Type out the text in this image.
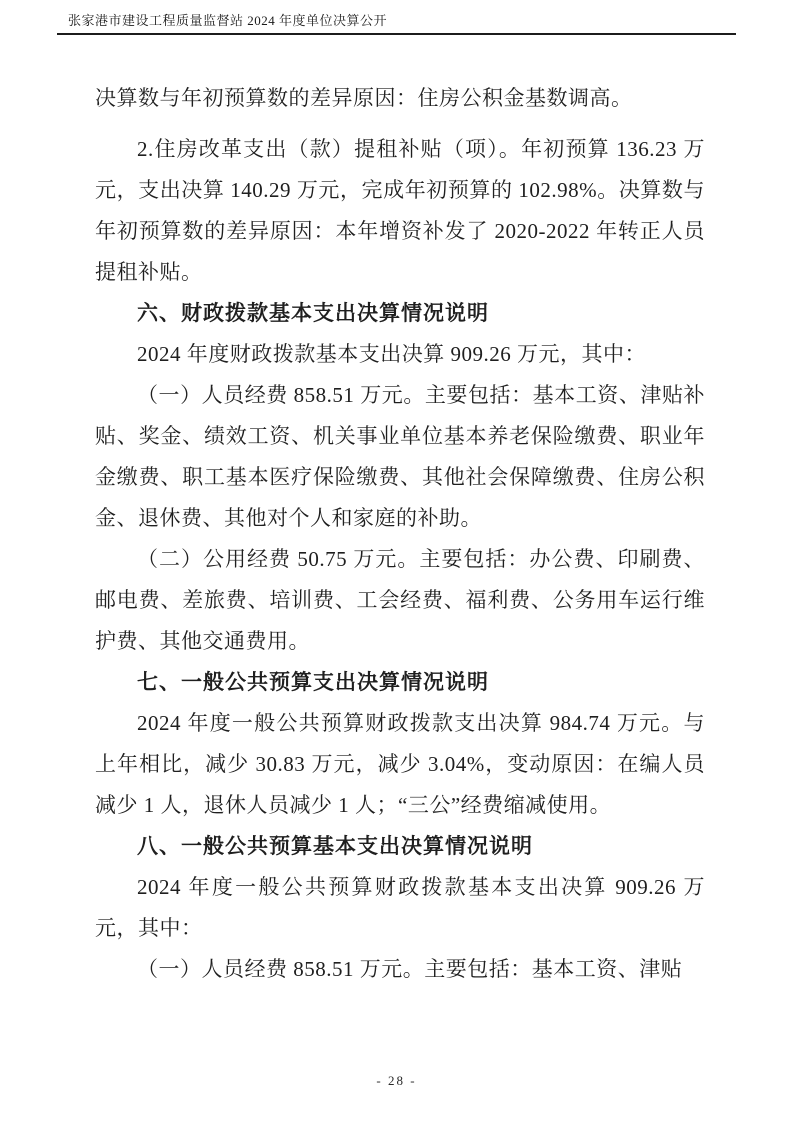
张家港市建设工程质量监督站 2024 年度单位决算公开

决算数与年初预算数的差异原因：住房公积金基数调高。

2.住房改革支出（款）提租补贴（项）。年初预算 136.23 万元，支出决算 140.29 万元，完成年初预算的 102.98%。决算数与年初预算数的差异原因：本年增资补发了 2020-2022 年转正人员提租补贴。

六、财政拨款基本支出决算情况说明

2024 年度财政拨款基本支出决算 909.26 万元，其中：

（一）人员经费 858.51 万元。主要包括：基本工资、津贴补贴、奖金、绩效工资、机关事业单位基本养老保险缴费、职业年金缴费、职工基本医疗保险缴费、其他社会保障缴费、住房公积金、退休费、其他对个人和家庭的补助。

（二）公用经费 50.75 万元。主要包括：办公费、印刷费、邮电费、差旅费、培训费、工会经费、福利费、公务用车运行维护费、其他交通费用。

七、一般公共预算支出决算情况说明

2024 年度一般公共预算财政拨款支出决算 984.74 万元。与上年相比，减少 30.83 万元，减少 3.04%，变动原因：在编人员减少 1 人，退休人员减少 1 人；“三公”经费缩减使用。

八、一般公共预算基本支出决算情况说明

2024 年度一般公共预算财政拨款基本支出决算 909.26 万元，其中：

（一）人员经费 858.51 万元。主要包括：基本工资、津贴

- 28 -
